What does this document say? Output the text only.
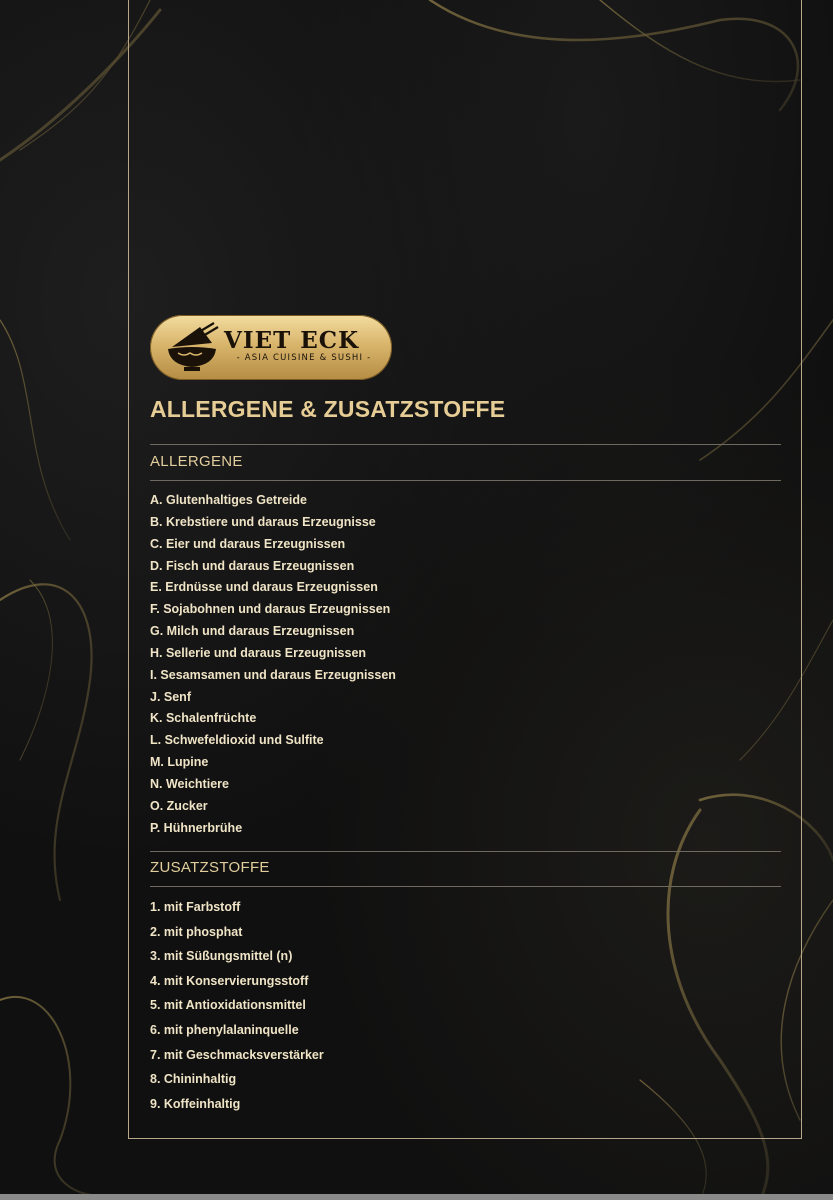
VIET ECK
- ASIA CUISINE & SUSHI -
ALLERGENE & ZUSATZSTOFFE
ALLERGENE
A. Glutenhaltiges Getreide
B. Krebstiere und daraus Erzeugnisse
C. Eier und daraus Erzeugnissen
D. Fisch und daraus Erzeugnissen
E. Erdnüsse und daraus Erzeugnissen
F. Sojabohnen und daraus Erzeugnissen
G. Milch und daraus Erzeugnissen
H. Sellerie und daraus Erzeugnissen
I. Sesamsamen und daraus Erzeugnissen
J. Senf
K. Schalenfrüchte
L. Schwefeldioxid und Sulfite
M. Lupine
N. Weichtiere
O. Zucker
P. Hühnerbrühe
ZUSATZSTOFFE
1. mit Farbstoff
2. mit phosphat
3. mit Süßungsmittel (n)
4. mit Konservierungsstoff
5. mit Antioxidationsmittel
6. mit phenylalaninquelle
7. mit Geschmacksverstärker
8. Chininhaltig
9. Koffeinhaltig
